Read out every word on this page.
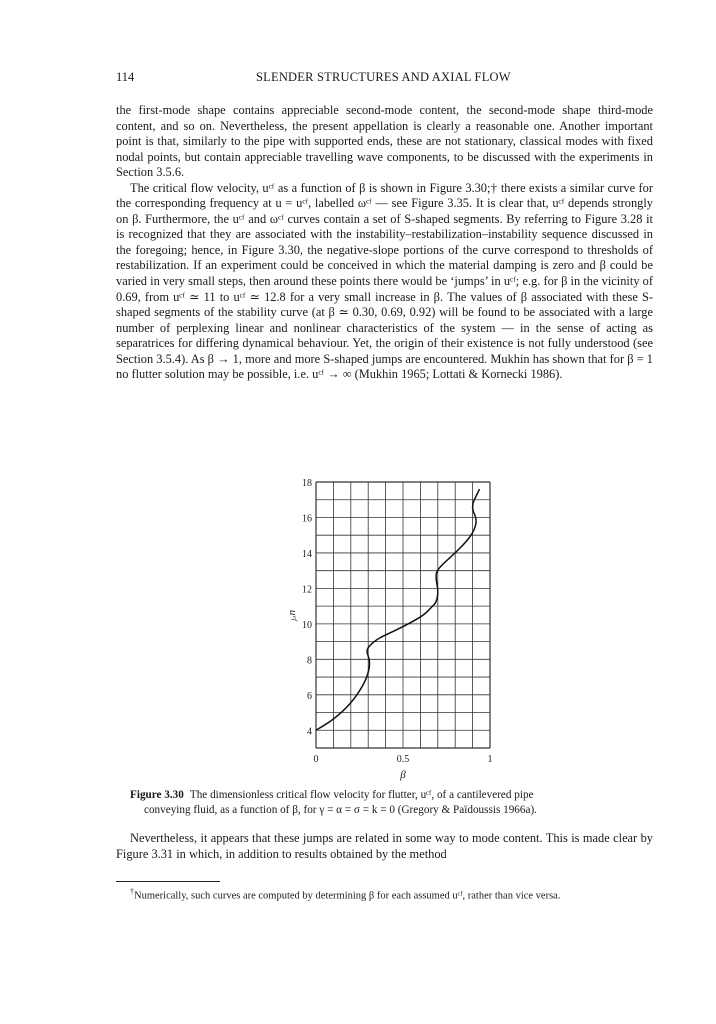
114	SLENDER STRUCTURES AND AXIAL FLOW

the first-mode shape contains appreciable second-mode content, the second-mode shape third-mode content, and so on. Nevertheless, the present appellation is clearly a reasonable one. Another important point is that, similarly to the pipe with supported ends, these are not stationary, classical modes with fixed nodal points, but contain appreciable travelling wave components, to be discussed with the experiments in Section 3.5.6.

The critical flow velocity, uᶜᶠ as a function of β is shown in Figure 3.30;† there exists a similar curve for the corresponding frequency at u = uᶜᶠ, labelled ωᶜᶠ — see Figure 3.35. It is clear that, uᶜᶠ depends strongly on β. Furthermore, the uᶜᶠ and ωᶜᶠ curves contain a set of S-shaped segments. By referring to Figure 3.28 it is recognized that they are associated with the instability–restabilization–instability sequence discussed in the foregoing; hence, in Figure 3.30, the negative-slope portions of the curve correspond to thresholds of restabilization. If an experiment could be conceived in which the material damping is zero and β could be varied in very small steps, then around these points there would be ‘jumps’ in uᶜᶠ; e.g. for β in the vicinity of 0.69, from uᶜᶠ ≃ 11 to uᶜᶠ ≃ 12.8 for a very small increase in β. The values of β associated with these S-shaped segments of the stability curve (at β ≃ 0.30, 0.69, 0.92) will be found to be associated with a large number of perplexing linear and nonlinear characteristics of the system — in the sense of acting as separatrices for differing dynamical behaviour. Yet, the origin of their existence is not fully understood (see Section 3.5.4). As β → 1, more and more S-shaped jumps are encountered. Mukhin has shown that for β = 1 no flutter solution may be possible, i.e. uᶜᶠ → ∞ (Mukhin 1965; Lottati & Kornecki 1986).

4
6
8
10
12
14
16
18
0	0.5	1
β
uᶜᶠ
Figure 3.30 The dimensionless critical flow velocity for flutter, uᶜᶠ, of a cantilevered pipe
conveying fluid, as a function of β, for γ = α = σ = k = 0 (Gregory & Païdoussis 1966a).

Nevertheless, it appears that these jumps are related in some way to mode content. This is made clear by Figure 3.31 in which, in addition to results obtained by the method

†Numerically, such curves are computed by determining β for each assumed uᶜᶠ, rather than vice versa.
